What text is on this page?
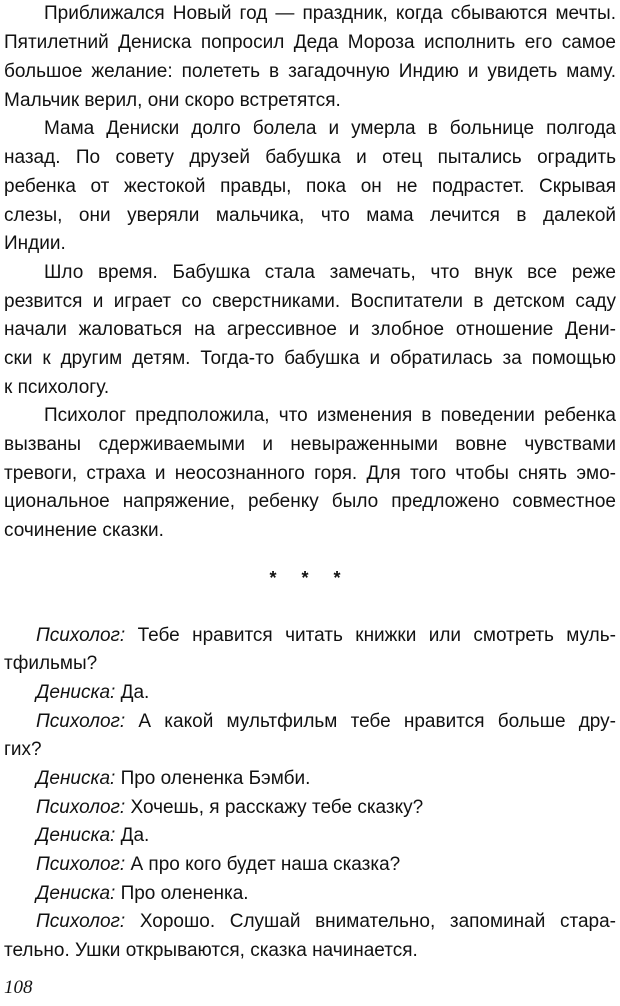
Приближался Новый год — праздник, когда сбываются мечты.
Пятилетний Дениска попросил Деда Мороза исполнить его самое
большое желание: полететь в загадочную Индию и увидеть маму.
Мальчик верил, они скоро встретятся.
Мама Дениски долго болела и умерла в больнице полгода
назад. По совету друзей бабушка и отец пытались оградить
ребенка от жестокой правды, пока он не подрастет. Скрывая
слезы, они уверяли мальчика, что мама лечится в далекой
Индии.
Шло время. Бабушка стала замечать, что внук все реже
резвится и играет со сверстниками. Воспитатели в детском саду
начали жаловаться на агрессивное и злобное отношение Дени-
ски к другим детям. Тогда-то бабушка и обратилась за помощью
к психологу.
Психолог предположила, что изменения в поведении ребенка
вызваны сдерживаемыми и невыраженными вовне чувствами
тревоги, страха и неосознанного горя. Для того чтобы снять эмо-
циональное напряжение, ребенку было предложено совместное
сочинение сказки.
* * *
Психолог: Тебе нравится читать книжки или смотреть муль-
тфильмы?
Дениска: Да.
Психолог: А какой мультфильм тебе нравится больше дру-
гих?
Дениска: Про олененка Бэмби.
Психолог: Хочешь, я расскажу тебе сказку?
Дениска: Да.
Психолог: А про кого будет наша сказка?
Дениска: Про олененка.
Психолог: Хорошо. Слушай внимательно, запоминай стара-
тельно. Ушки открываются, сказка начинается.
108
